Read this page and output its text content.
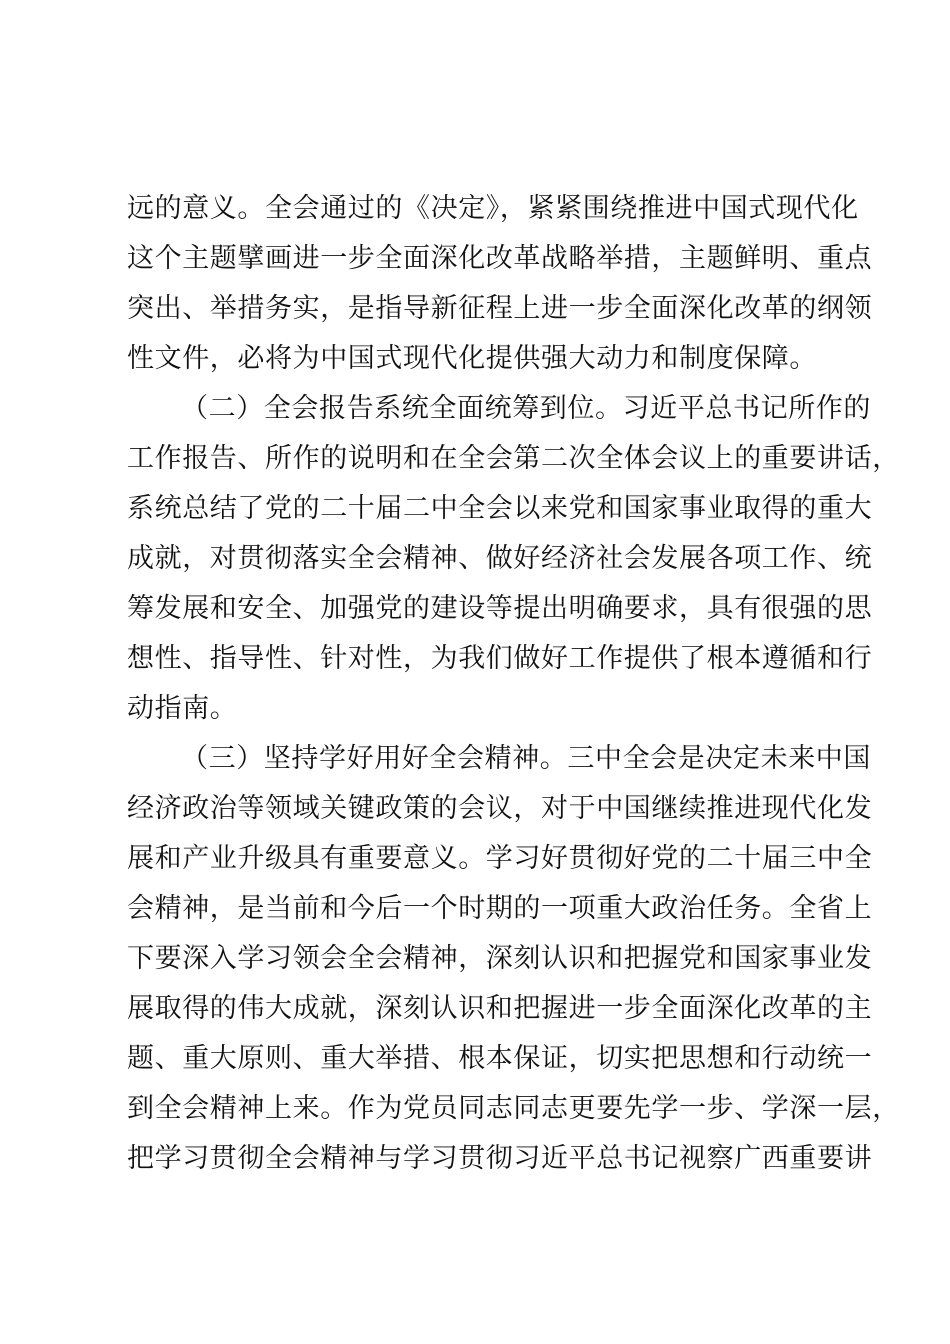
远的意义。全会通过的《决定》，紧紧围绕推进中国式现代化
这个主题擘画进一步全面深化改革战略举措，主题鲜明、重点
突出、举措务实，是指导新征程上进一步全面深化改革的纲领
性文件，必将为中国式现代化提供强大动力和制度保障。
（二）全会报告系统全面统筹到位。习近平总书记所作的
工作报告、所作的说明和在全会第二次全体会议上的重要讲话，
系统总结了党的二十届二中全会以来党和国家事业取得的重大
成就，对贯彻落实全会精神、做好经济社会发展各项工作、统
筹发展和安全、加强党的建设等提出明确要求，具有很强的思
想性、指导性、针对性，为我们做好工作提供了根本遵循和行
动指南。
（三）坚持学好用好全会精神。三中全会是决定未来中国
经济政治等领域关键政策的会议，对于中国继续推进现代化发
展和产业升级具有重要意义。学习好贯彻好党的二十届三中全
会精神，是当前和今后一个时期的一项重大政治任务。全省上
下要深入学习领会全会精神，深刻认识和把握党和国家事业发
展取得的伟大成就，深刻认识和把握进一步全面深化改革的主
题、重大原则、重大举措、根本保证，切实把思想和行动统一
到全会精神上来。作为党员同志同志更要先学一步、学深一层，
把学习贯彻全会精神与学习贯彻习近平总书记视察广西重要讲
